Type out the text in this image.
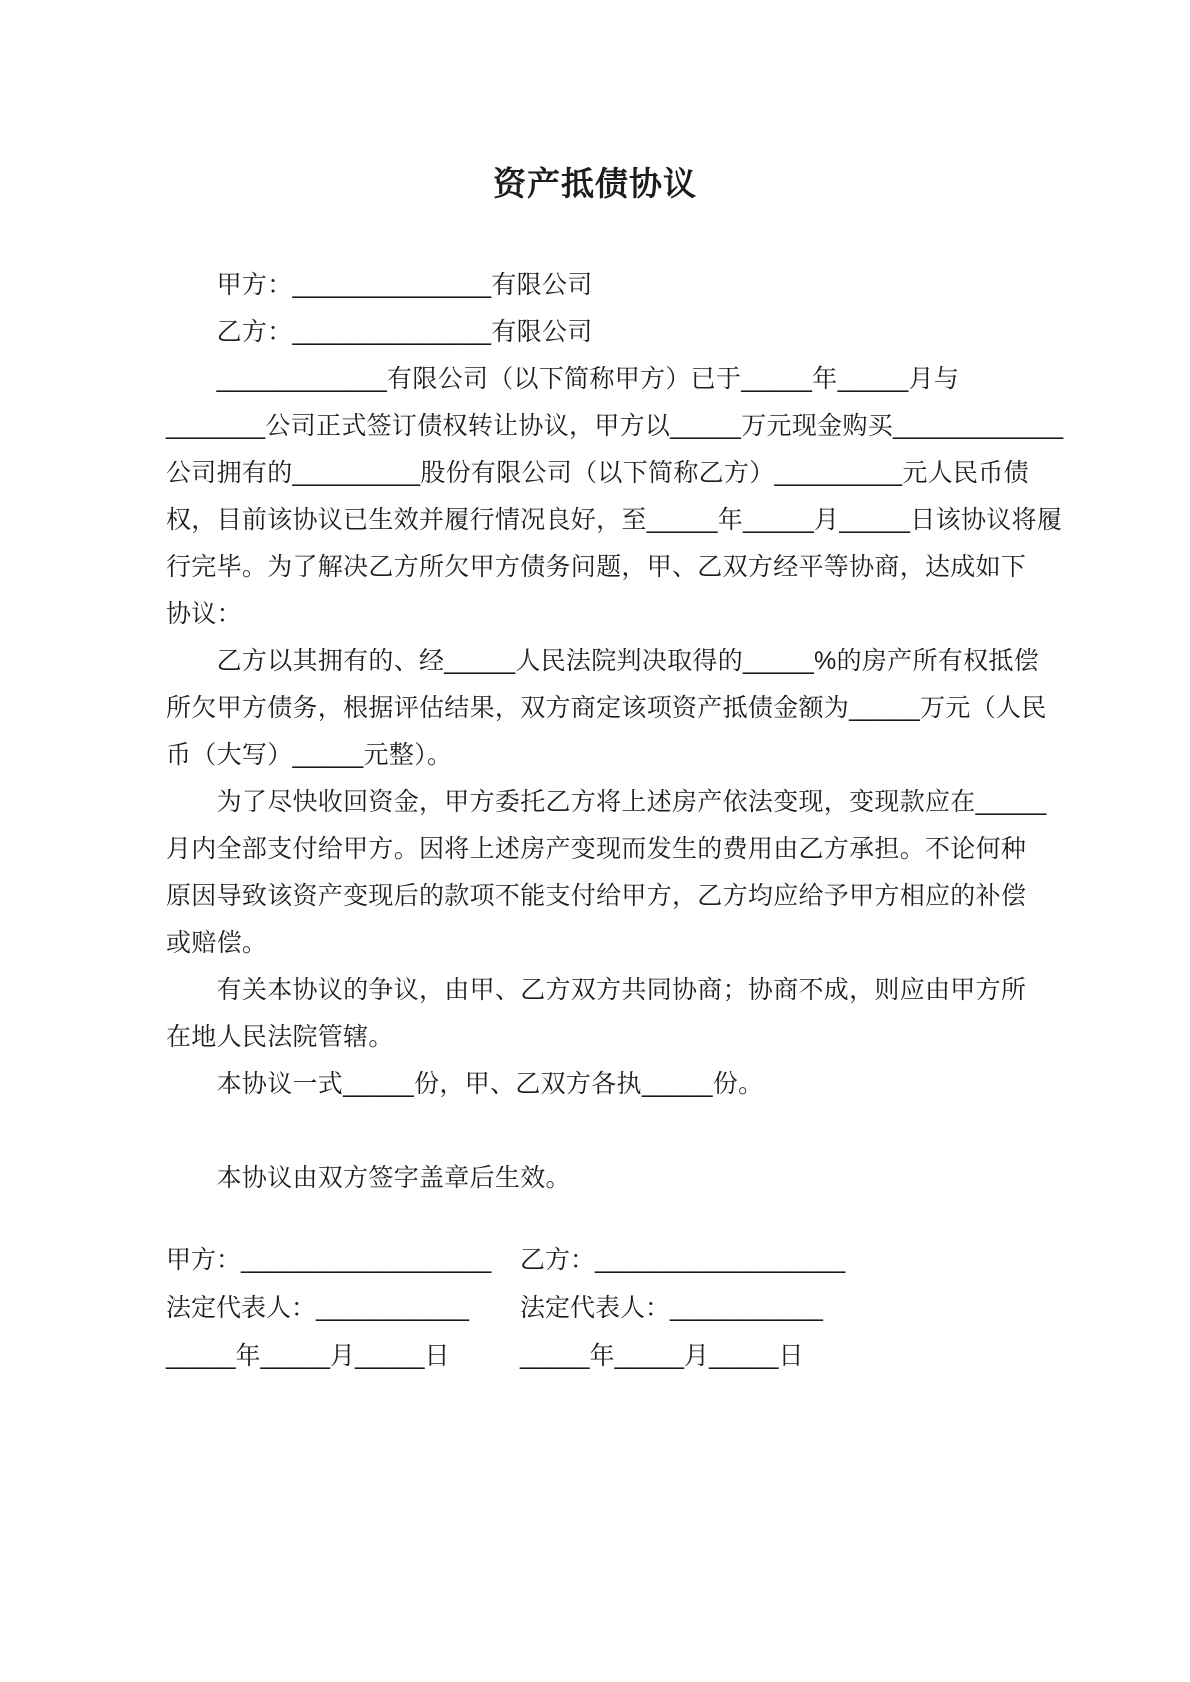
资产抵债协议
　　甲方：______________有限公司
　　乙方：______________有限公司
　　____________有限公司（以下简称甲方）已于_____年_____月与
_______公司正式签订债权转让协议，甲方以_____万元现金购买____________
公司拥有的_________股份有限公司（以下简称乙方）_________元人民币债
权，目前该协议已生效并履行情况良好，至_____年_____月_____日该协议将履
行完毕。为了解决乙方所欠甲方债务问题，甲、乙双方经平等协商，达成如下
协议：
　　乙方以其拥有的、经_____人民法院判决取得的_____%的房产所有权抵偿
所欠甲方债务，根据评估结果，双方商定该项资产抵债金额为_____万元（人民
币（大写）_____元整）。
　　为了尽快收回资金，甲方委托乙方将上述房产依法变现，变现款应在_____
月内全部支付给甲方。因将上述房产变现而发生的费用由乙方承担。不论何种
原因导致该资产变现后的款项不能支付给甲方，乙方均应给予甲方相应的补偿
或赔偿。
　　有关本协议的争议，由甲、乙方双方共同协商；协商不成，则应由甲方所
在地人民法院管辖。
　　本协议一式_____份，甲、乙双方各执_____份。
　　本协议由双方签字盖章后生效。
甲方：__________________	乙方：__________________
法定代表人：___________	法定代表人：___________
_____年_____月_____日	_____年_____月_____日
